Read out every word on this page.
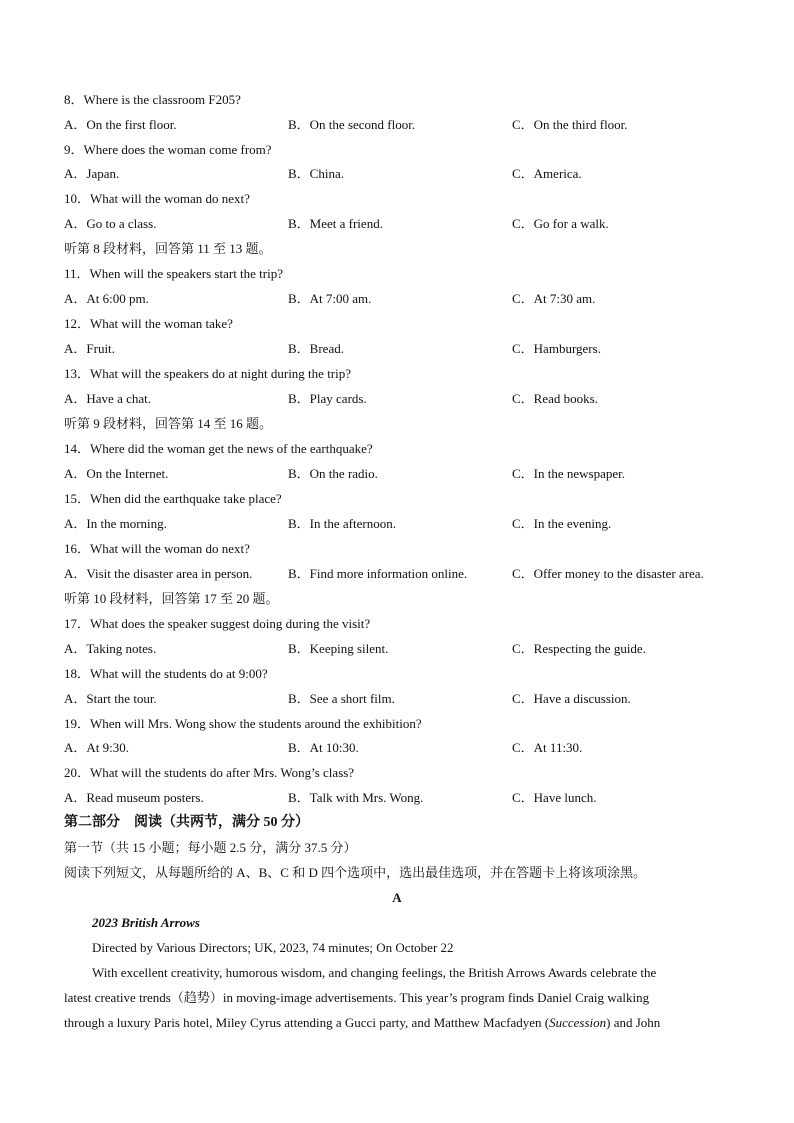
8．Where is the classroom F205?
A．On the first floor.	B．On the second floor.	C．On the third floor.
9．Where does the woman come from?
A．Japan.	B．China.	C．America.
10．What will the woman do next?
A．Go to a class.	B．Meet a friend.	C．Go for a walk.
听第 8 段材料，回答第 11 至 13 题。
11．When will the speakers start the trip?
A．At 6:00 pm.	B．At 7:00 am.	C．At 7:30 am.
12．What will the woman take?
A．Fruit.	B．Bread.	C．Hamburgers.
13．What will the speakers do at night during the trip?
A．Have a chat.	B．Play cards.	C．Read books.
听第 9 段材料，回答第 14 至 16 题。
14．Where did the woman get the news of the earthquake?
A．On the Internet.	B．On the radio.	C．In the newspaper.
15．When did the earthquake take place?
A．In the morning.	B．In the afternoon.	C．In the evening.
16．What will the woman do next?
A．Visit the disaster area in person.	B．Find more information online.	C．Offer money to the disaster area.
听第 10 段材料，回答第 17 至 20 题。
17．What does the speaker suggest doing during the visit?
A．Taking notes.	B．Keeping silent.	C．Respecting the guide.
18．What will the students do at 9:00?
A．Start the tour.	B．See a short film.	C．Have a discussion.
19．When will Mrs. Wong show the students around the exhibition?
A．At 9:30.	B．At 10:30.	C．At 11:30.
20．What will the students do after Mrs. Wong’s class?
A．Read museum posters.	B．Talk with Mrs. Wong.	C．Have lunch.
第二部分　阅读（共两节，满分 50 分）
第一节（共 15 小题；每小题 2.5 分，满分 37.5 分）
阅读下列短文，从每题所给的 A、B、C 和 D 四个选项中，选出最佳选项，并在答题卡上将该项涂黑。
A
2023 British Arrows
Directed by Various Directors; UK, 2023, 74 minutes; On October 22
With excellent creativity, humorous wisdom, and changing feelings, the British Arrows Awards celebrate the
latest creative trends（趋势）in moving-image advertisements. This year’s program finds Daniel Craig walking
through a luxury Paris hotel, Miley Cyrus attending a Gucci party, and Matthew Macfadyen (Succession) and John
